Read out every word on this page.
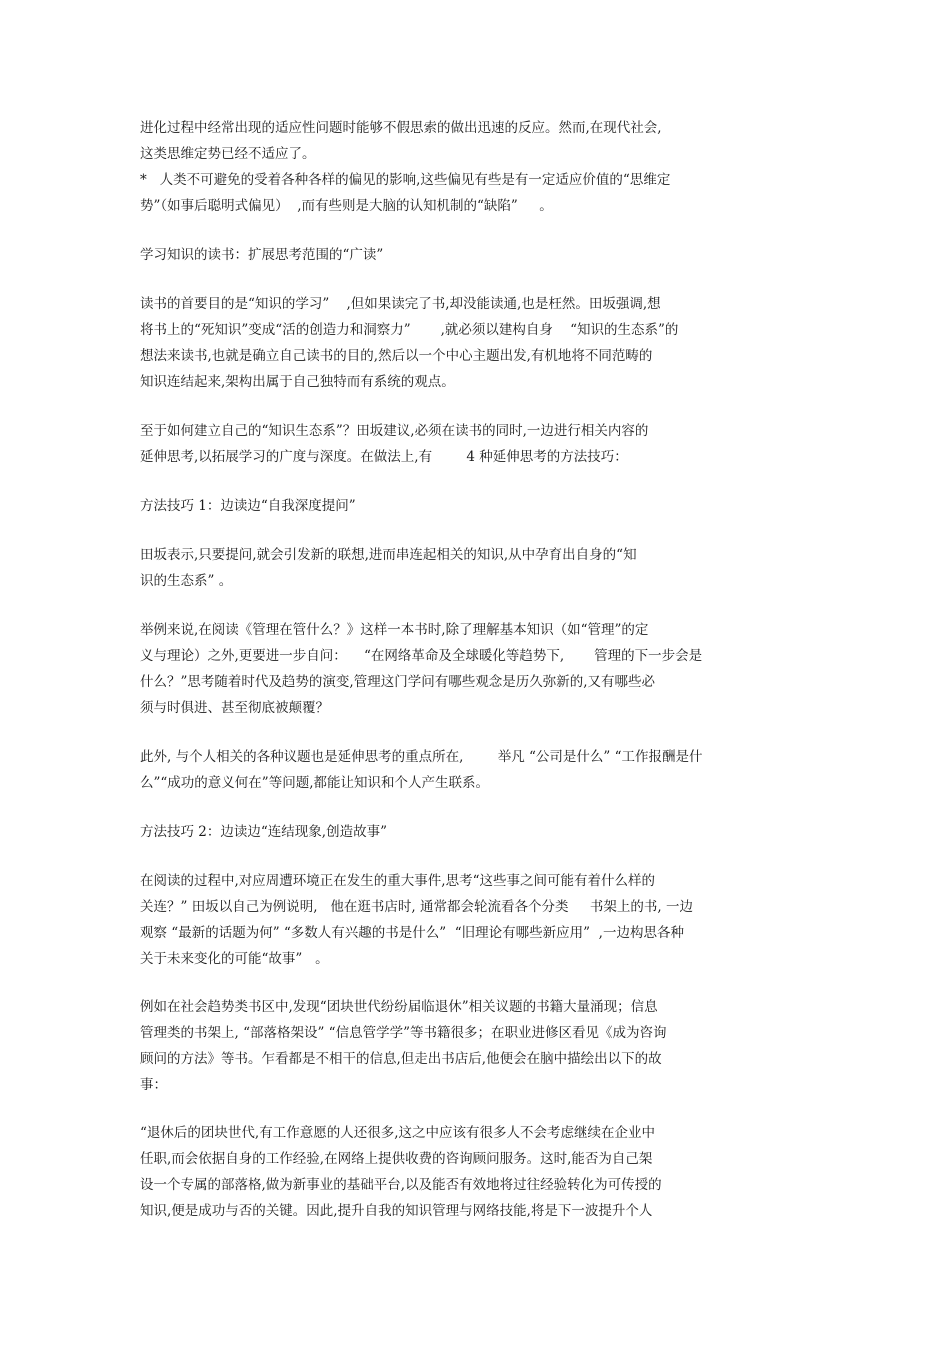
进化过程中经常出现的适应性问题时能够不假思索的做出迅速的反应。然而,在现代社会,
这类思维定势已经不适应了。
*   人类不可避免的受着各种各样的偏见的影响,这些偏见有些是有一定适应价值的“思维定
势”（如事后聪明式偏见）  ,而有些则是大脑的认知机制的“缺陷”     。
学习知识的读书：扩展思考范围的“广读”
读书的首要目的是“知识的学习”    ,但如果读完了书,却没能读通,也是枉然。田坂强调,想
将书上的“死知识”变成“活的创造力和洞察力”       ,就必须以建构自身    “知识的生态系”的
想法来读书,也就是确立自己读书的目的,然后以一个中心主题出发,有机地将不同范畴的
知识连结起来,架构出属于自己独特而有系统的观点。
至于如何建立自己的“知识生态系”？田坂建议,必须在读书的同时,一边进行相关内容的
延伸思考,以拓展学习的广度与深度。在做法上,有        4 种延伸思考的方法技巧：
方法技巧 1：边读边“自我深度提问”
田坂表示,只要提问,就会引发新的联想,进而串连起相关的知识,从中孕育出自身的“知
识的生态系” 。
举例来说,在阅读《管理在管什么？》这样一本书时,除了理解基本知识（如“管理”的定
义与理论）之外,更要进一步自问：    “在网络革命及全球暖化等趋势下,       管理的下一步会是
什么？”思考随着时代及趋势的演变,管理这门学问有哪些观念是历久弥新的,又有哪些必
须与时俱进、甚至彻底被颠覆？
此外, 与个人相关的各种议题也是延伸思考的重点所在,        举凡 “公司是什么” “工作报酬是什
么”“成功的意义何在”等问题,都能让知识和个人产生联系。
方法技巧 2：边读边“连结现象,创造故事”
在阅读的过程中,对应周遭环境正在发生的重大事件,思考“这些事之间可能有着什么样的
关连？” 田坂以自己为例说明,   他在逛书店时, 通常都会轮流看各个分类     书架上的书, 一边
观察 “最新的话题为何” “多数人有兴趣的书是什么”  “旧理论有哪些新应用”  ,一边构思各种
关于未来变化的可能“故事”   。
例如在社会趋势类书区中,发现“团块世代纷纷届临退休”相关议题的书籍大量涌现；信息
管理类的书架上, “部落格架设” “信息管学学”等书籍很多；在职业进修区看见《成为咨询
顾问的方法》等书。乍看都是不相干的信息,但走出书店后,他便会在脑中描绘出以下的故
事：
“退休后的团块世代,有工作意愿的人还很多,这之中应该有很多人不会考虑继续在企业中
任职,而会依据自身的工作经验,在网络上提供收费的咨询顾问服务。这时,能否为自己架
设一个专属的部落格,做为新事业的基础平台,以及能否有效地将过往经验转化为可传授的
知识,便是成功与否的关键。因此,提升自我的知识管理与网络技能,将是下一波提升个人
